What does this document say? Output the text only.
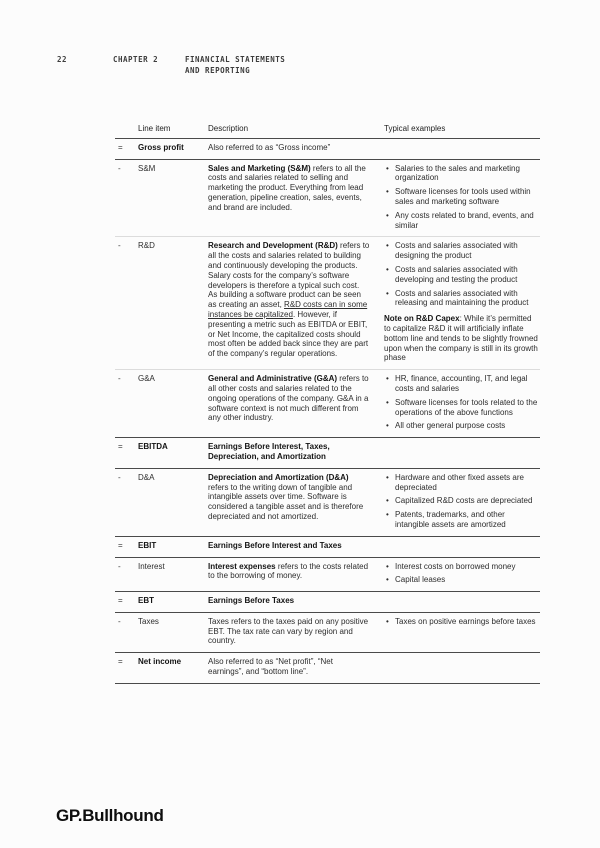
22	CHAPTER 2	FINANCIAL STATEMENTS
AND REPORTING
Line item	Description	Typical examples
=	Gross profit	Also referred to as “Gross income”
-	S&M	Sales and Marketing (S&M) refers to all the costs and salaries related to selling and marketing the product. Everything from lead generation, pipeline creation, sales, events, and brand are included.
• Salaries to the sales and marketing organization
• Software licenses for tools used within sales and marketing software
• Any costs related to brand, events, and similar
-	R&D	Research and Development (R&D) refers to all the costs and salaries related to building and continuously developing the products. Salary costs for the company’s software developers is therefore a typical such cost. As building a software product can be seen as creating an asset, R&D costs can in some instances be capitalized. However, if presenting a metric such as EBITDA or EBIT, or Net Income, the capitalized costs should most often be added back since they are part of the company’s regular operations.
• Costs and salaries associated with designing the product
• Costs and salaries associated with developing and testing the product
• Costs and salaries associated with releasing and maintaining the product
Note on R&D Capex: While it’s permitted to capitalize R&D it will artificially inflate bottom line and tends to be slightly frowned upon when the company is still in its growth phase
-	G&A	General and Administrative (G&A) refers to all other costs and salaries related to the ongoing operations of the company. G&A in a software context is not much different from any other industry.
• HR, finance, accounting, IT, and legal costs and salaries
• Software licenses for tools related to the operations of the above functions
• All other general purpose costs
=	EBITDA	Earnings Before Interest, Taxes, Depreciation, and Amortization
-	D&A	Depreciation and Amortization (D&A) refers to the writing down of tangible and intangible assets over time. Software is considered a tangible asset and is therefore depreciated and not amortized.
• Hardware and other fixed assets are depreciated
• Capitalized R&D costs are depreciated
• Patents, trademarks, and other intangible assets are amortized
=	EBIT	Earnings Before Interest and Taxes
-	Interest	Interest expenses refers to the costs related to the borrowing of money.
• Interest costs on borrowed money
• Capital leases
=	EBT	Earnings Before Taxes
-	Taxes	Taxes refers to the taxes paid on any positive EBT. The tax rate can vary by region and country.
• Taxes on positive earnings before taxes
=	Net income	Also referred to as “Net profit”, “Net earnings”, and “bottom line”.
GP.Bullhound
